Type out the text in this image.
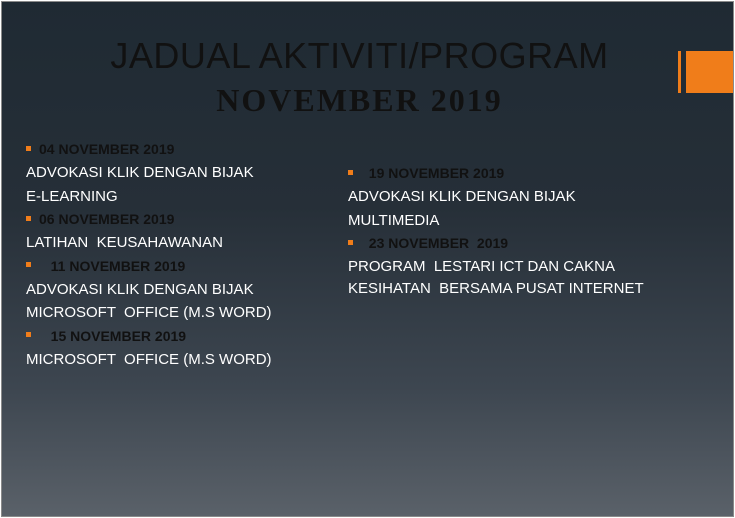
JADUAL AKTIVITI/PROGRAM
NOVEMBER 2019
04 NOVEMBER 2019
ADVOKASI KLIK DENGAN BIJAK
E-LEARNING
06 NOVEMBER 2019
LATIHAN  KEUSAHAWANAN
11 NOVEMBER 2019
ADVOKASI KLIK DENGAN BIJAK
MICROSOFT  OFFICE (M.S WORD)
15 NOVEMBER 2019
MICROSOFT  OFFICE (M.S WORD)
19 NOVEMBER 2019
ADVOKASI KLIK DENGAN BIJAK
MULTIMEDIA
23 NOVEMBER  2019
PROGRAM  LESTARI ICT DAN CAKNA
KESIHATAN  BERSAMA PUSAT INTERNET
